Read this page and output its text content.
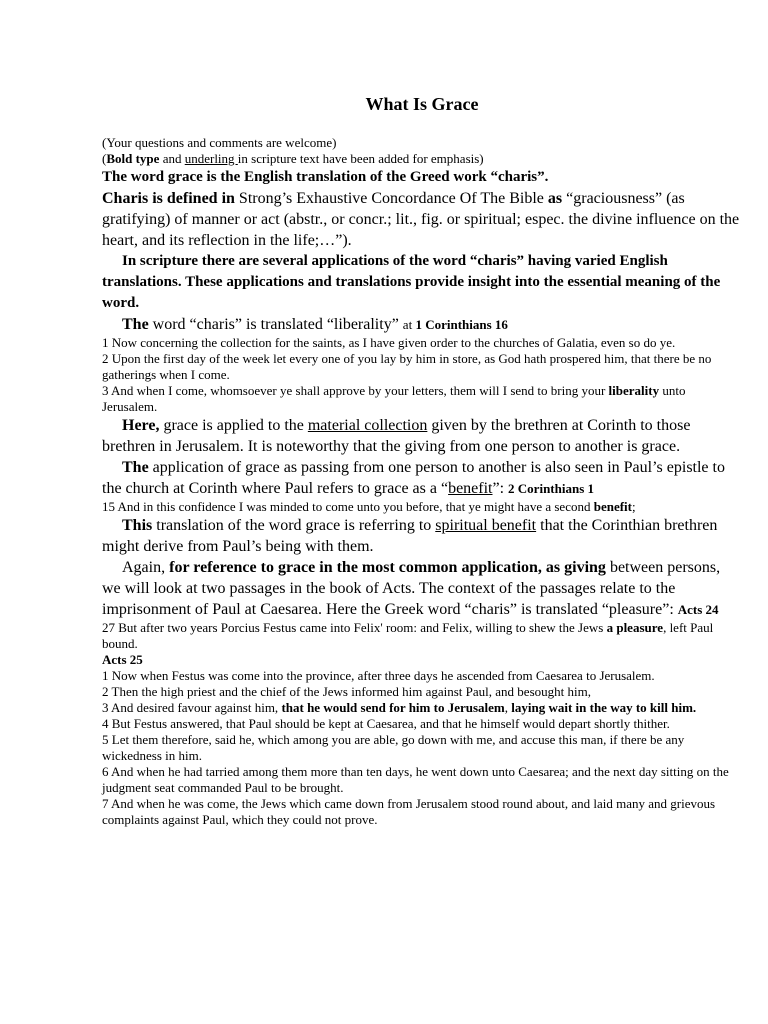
What Is Grace

(Your questions and comments are welcome)

(Bold type and underling in scripture text have been added for emphasis)

The word grace is the English translation of the Greed work “charis”.

Charis is defined in Strong’s Exhaustive Concordance Of The Bible as “graciousness” (as gratifying) of manner or act (abstr., or concr.; lit., fig. or spiritual; espec. the divine influence on the heart, and its reflection in the life;…”).

In scripture there are several applications of the word “charis” having varied English translations. These applications and translations provide insight into the essential meaning of the word.

The word “charis” is translated “liberality” at 1 Corinthians 16

1 Now concerning the collection for the saints, as I have given order to the churches of Galatia, even so do ye.

2 Upon the first day of the week let every one of you lay by him in store, as God hath prospered him, that there be no gatherings when I come.

3 And when I come, whomsoever ye shall approve by your letters, them will I send to bring your liberality unto Jerusalem.

Here, grace is applied to the material collection given by the brethren at Corinth to those brethren in Jerusalem. It is noteworthy that the giving from one person to another is grace.

The application of grace as passing from one person to another is also seen in Paul’s epistle to the church at Corinth where Paul refers to grace as a “benefit”: 2 Corinthians 1

15 And in this confidence I was minded to come unto you before, that ye might have a second benefit;

This translation of the word grace is referring to spiritual benefit that the Corinthian brethren might derive from Paul’s being with them.

Again, for reference to grace in the most common application, as giving between persons, we will look at two passages in the book of Acts. The context of the passages relate to the imprisonment of Paul at Caesarea. Here the Greek word “charis” is translated “pleasure”: Acts 24

27 But after two years Porcius Festus came into Felix' room: and Felix, willing to shew the Jews a pleasure, left Paul bound.

Acts 25

1 Now when Festus was come into the province, after three days he ascended from Caesarea to Jerusalem.

2 Then the high priest and the chief of the Jews informed him against Paul, and besought him,

3 And desired favour against him, that he would send for him to Jerusalem, laying wait in the way to kill him.

4 But Festus answered, that Paul should be kept at Caesarea, and that he himself would depart shortly thither.

5 Let them therefore, said he, which among you are able, go down with me, and accuse this man, if there be any wickedness in him.

6 And when he had tarried among them more than ten days, he went down unto Caesarea; and the next day sitting on the judgment seat commanded Paul to be brought.

7 And when he was come, the Jews which came down from Jerusalem stood round about, and laid many and grievous complaints against Paul, which they could not prove.
